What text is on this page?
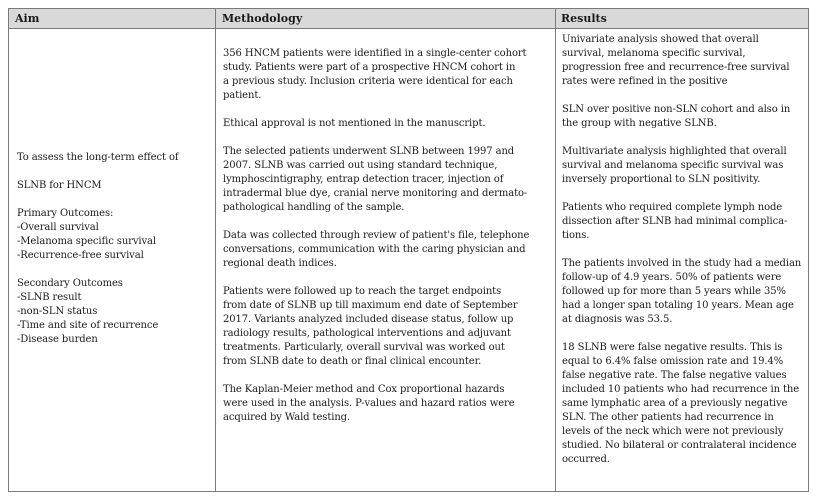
Aim	Methodology	Results
To assess the long-term effect of
SLNB for HNCM
Primary Outcomes:
-Overall survival
-Melanoma specific survival
-Recurrence-free survival
Secondary Outcomes
-SLNB result
-non-SLN status
-Time and site of recurrence
-Disease burden

356 HNCM patients were identified in a single-center cohort
study. Patients were part of a prospective HNCM cohort in
a previous study. Inclusion criteria were identical for each
patient.

Ethical approval is not mentioned in the manuscript.

The selected patients underwent SLNB between 1997 and
2007. SLNB was carried out using standard technique,
lymphoscintigraphy, entrap detection tracer, injection of
intradermal blue dye, cranial nerve monitoring and dermato-
pathological handling of the sample.

Data was collected through review of patient's file, telephone
conversations, communication with the caring physician and
regional death indices.

Patients were followed up to reach the target endpoints
from date of SLNB up till maximum end date of September
2017. Variants analyzed included disease status, follow up
radiology results, pathological interventions and adjuvant
treatments. Particularly, overall survival was worked out
from SLNB date to death or final clinical encounter.

The Kaplan-Meier method and Cox proportional hazards
were used in the analysis. P-values and hazard ratios were
acquired by Wald testing.

Univariate analysis showed that overall
survival, melanoma specific survival,
progression free and recurrence-free survival
rates were refined in the positive

SLN over positive non-SLN cohort and also in
the group with negative SLNB.

Multivariate analysis highlighted that overall
survival and melanoma specific survival was
inversely proportional to SLN positivity.

Patients who required complete lymph node
dissection after SLNB had minimal complica-
tions.

The patients involved in the study had a median
follow-up of 4.9 years. 50% of patients were
followed up for more than 5 years while 35%
had a longer span totaling 10 years. Mean age
at diagnosis was 53.5.

18 SLNB were false negative results. This is
equal to 6.4% false omission rate and 19.4%
false negative rate. The false negative values
included 10 patients who had recurrence in the
same lymphatic area of a previously negative
SLN. The other patients had recurrence in
levels of the neck which were not previously
studied. No bilateral or contralateral incidence
occurred.
